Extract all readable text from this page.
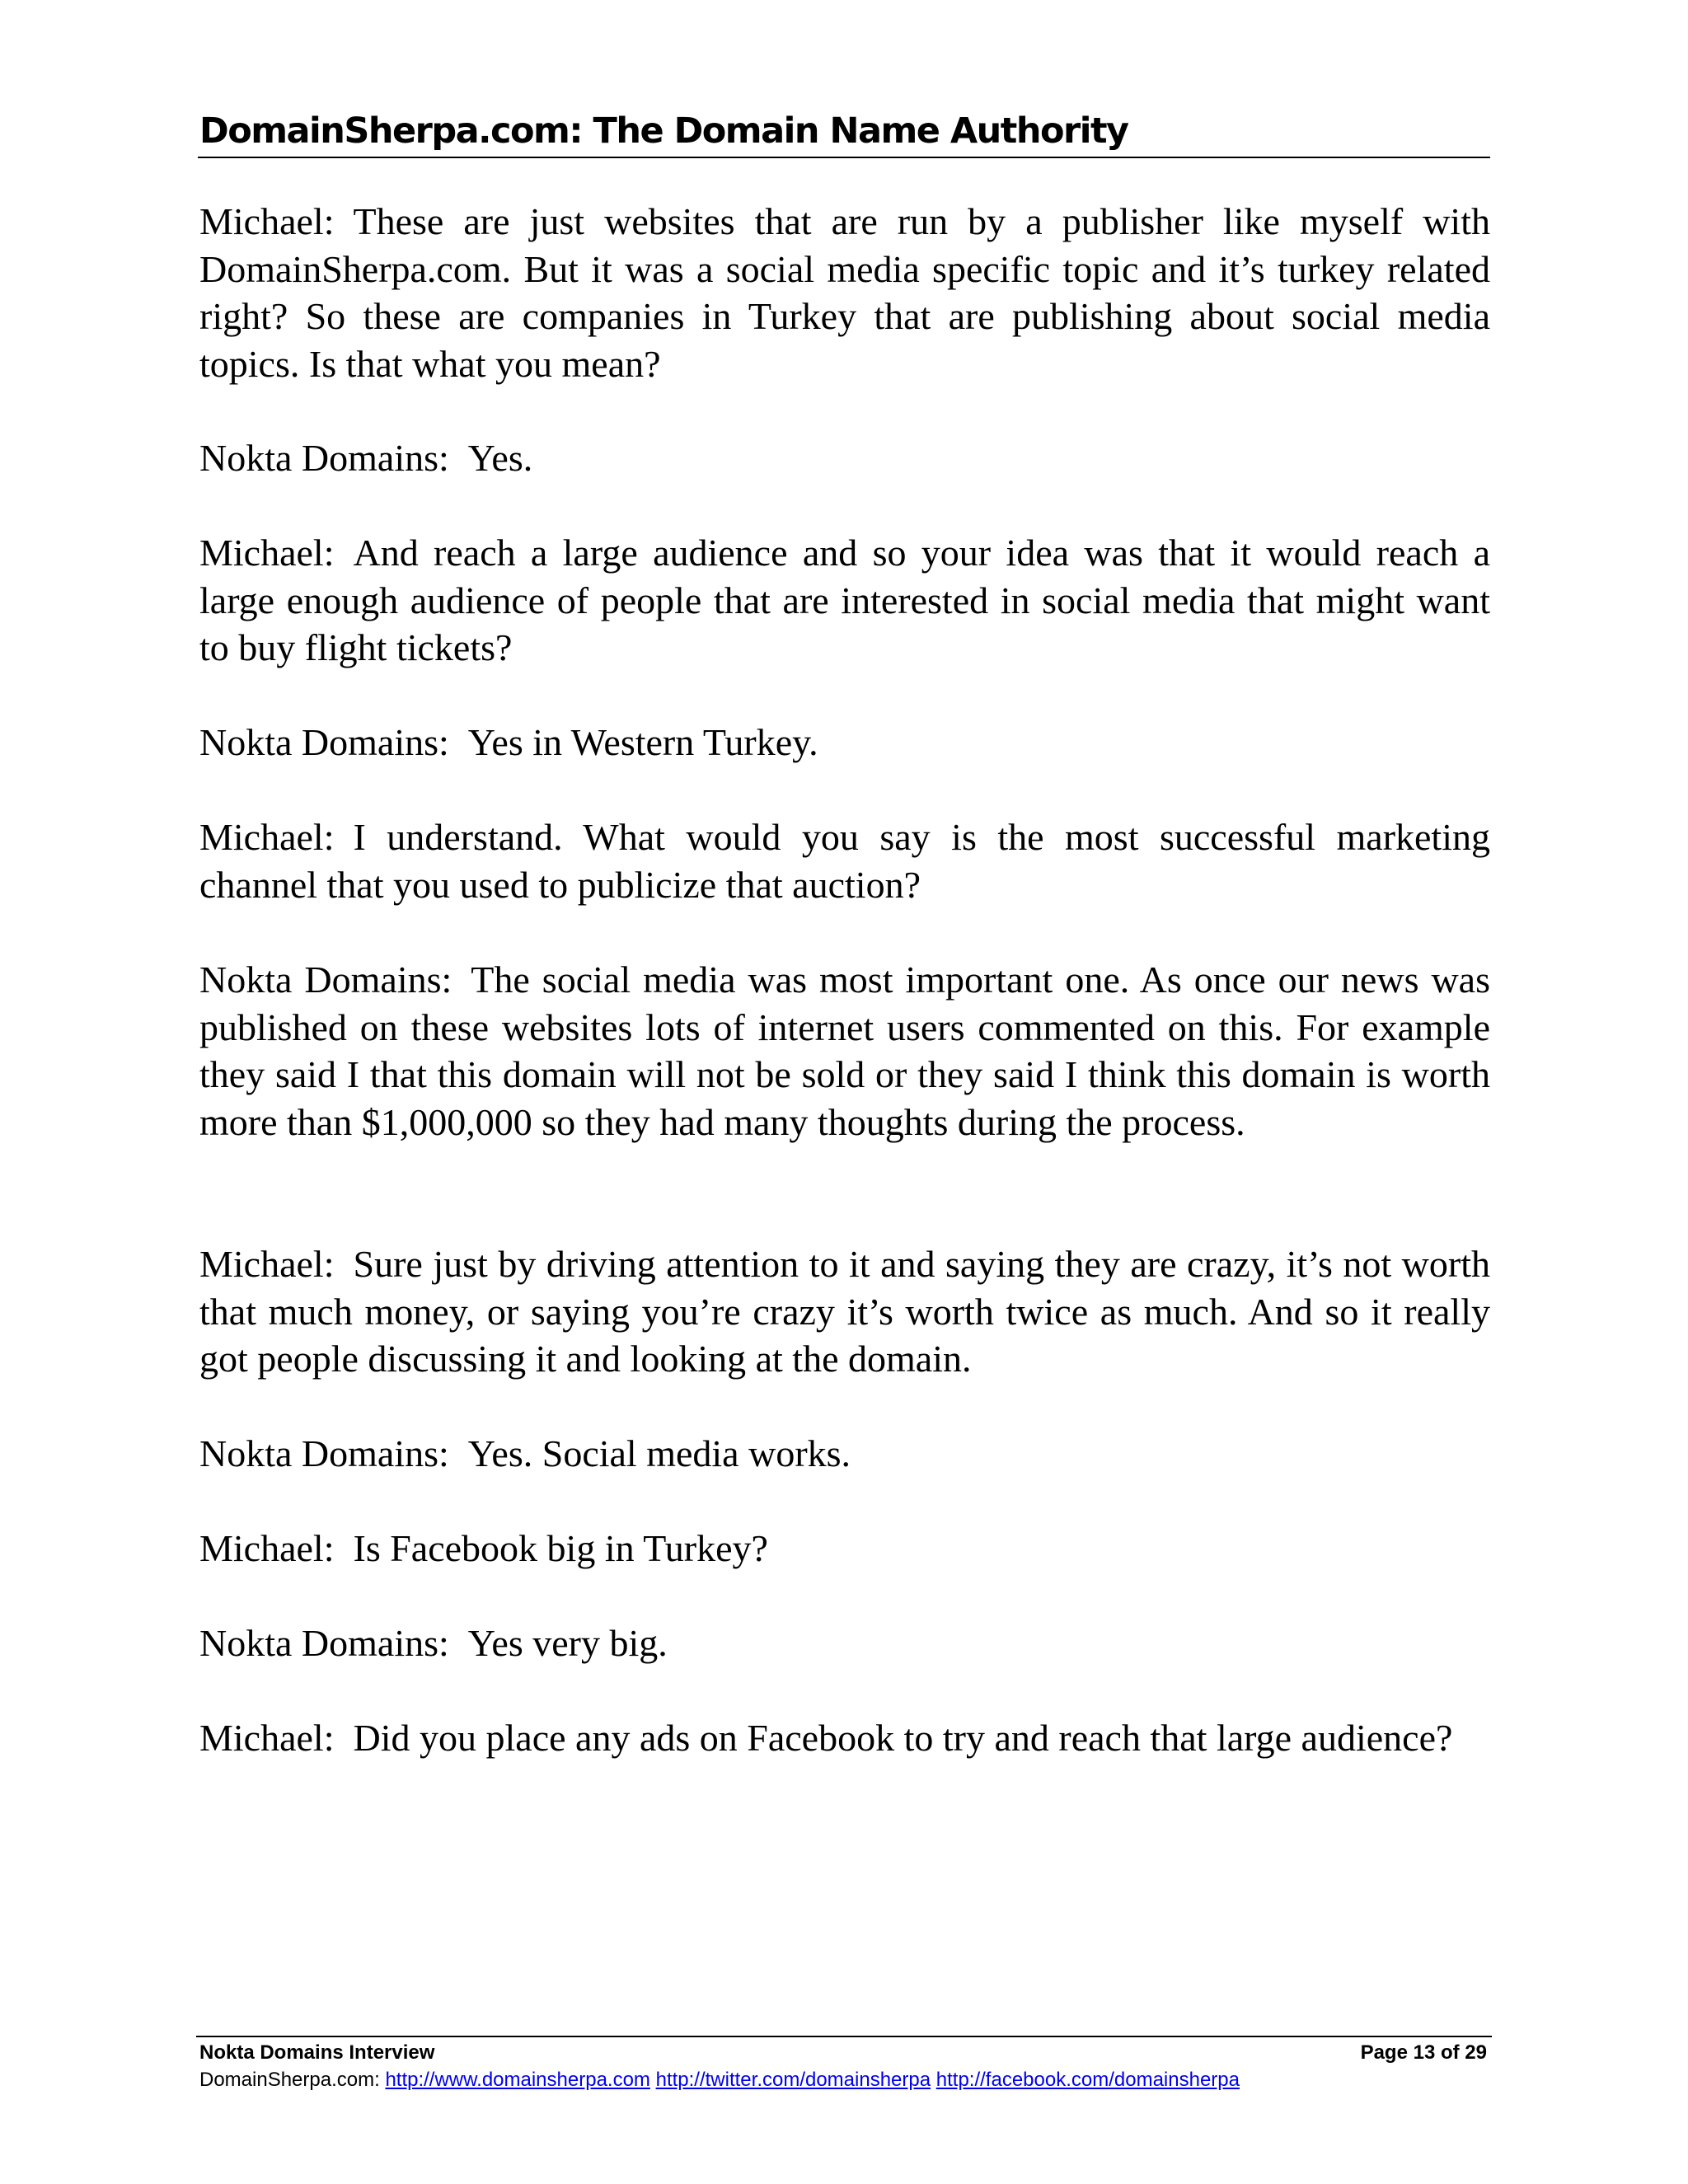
DomainSherpa.com: The Domain Name Authority

Michael: These are just websites that are run by a publisher like myself with DomainSherpa.com. But it was a social media specific topic and it’s turkey related right? So these are companies in Turkey that are publishing about social media topics. Is that what you mean?

Nokta Domains: Yes.

Michael: And reach a large audience and so your idea was that it would reach a large enough audience of people that are interested in social media that might want to buy flight tickets?

Nokta Domains: Yes in Western Turkey.

Michael: I understand. What would you say is the most successful marketing channel that you used to publicize that auction?

Nokta Domains: The social media was most important one. As once our news was published on these websites lots of internet users commented on this. For example they said I that this domain will not be sold or they said I think this domain is worth more than $1,000,000 so they had many thoughts during the process.

Michael: Sure just by driving attention to it and saying they are crazy, it’s not worth that much money, or saying you’re crazy it’s worth twice as much. And so it really got people discussing it and looking at the domain.

Nokta Domains: Yes. Social media works.

Michael: Is Facebook big in Turkey?

Nokta Domains: Yes very big.

Michael: Did you place any ads on Facebook to try and reach that large audience?

Nokta Domains Interview	Page 13 of 29
DomainSherpa.com: http://www.domainsherpa.com http://twitter.com/domainsherpa http://facebook.com/domainsherpa
